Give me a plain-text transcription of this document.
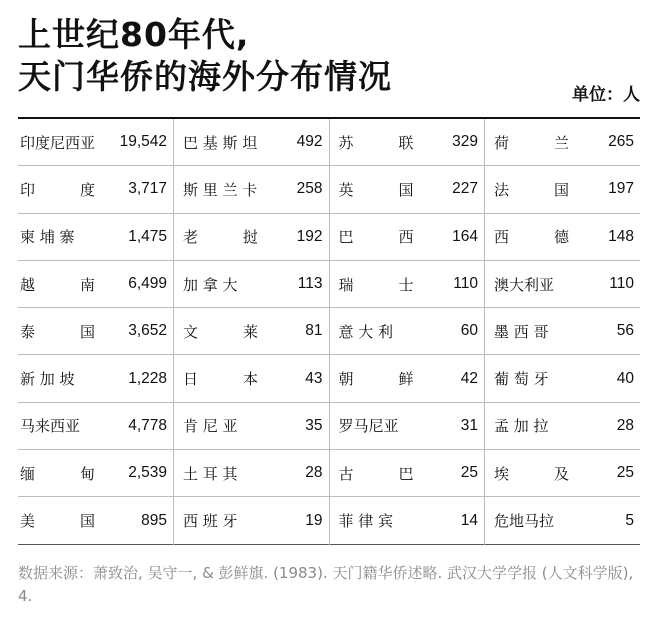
上世纪80年代,
天门华侨的海外分布情况	单位：人
印度尼西亚 19,542	巴 基 斯 坦 492	苏　　　联 329	荷　　　兰 265

印　　　度 3,717	斯 里 兰 卡 258	英　　　国 227	法　　　国 197

柬 埔 寨 1,475	老　　　挝 192	巴　　　西 164	西　　　德 148

越　　　南 6,499	加 拿 大 113	瑞　　　士 110	澳大利亚 110

泰　　　国 3,652	文　　　莱 81	意 大 利 60	墨 西 哥 56

新 加 坡 1,228	日　　　本 43	朝　　　鲜 42	葡 萄 牙 40

马来西亚 4,778	肯 尼 亚 35	罗马尼亚 31	孟 加 拉 28

缅　　　甸 2,539	土 耳 其 28	古　　　巴 25	埃　　　及 25

美　　　国 895	西 班 牙 19	菲 律 宾 14	危地马拉 5
数据来源：萧致治, 吴守一, & 彭鲜旗. (1983). 天门籍华侨述略. 武汉大学学报 (人文科学版), 4.
